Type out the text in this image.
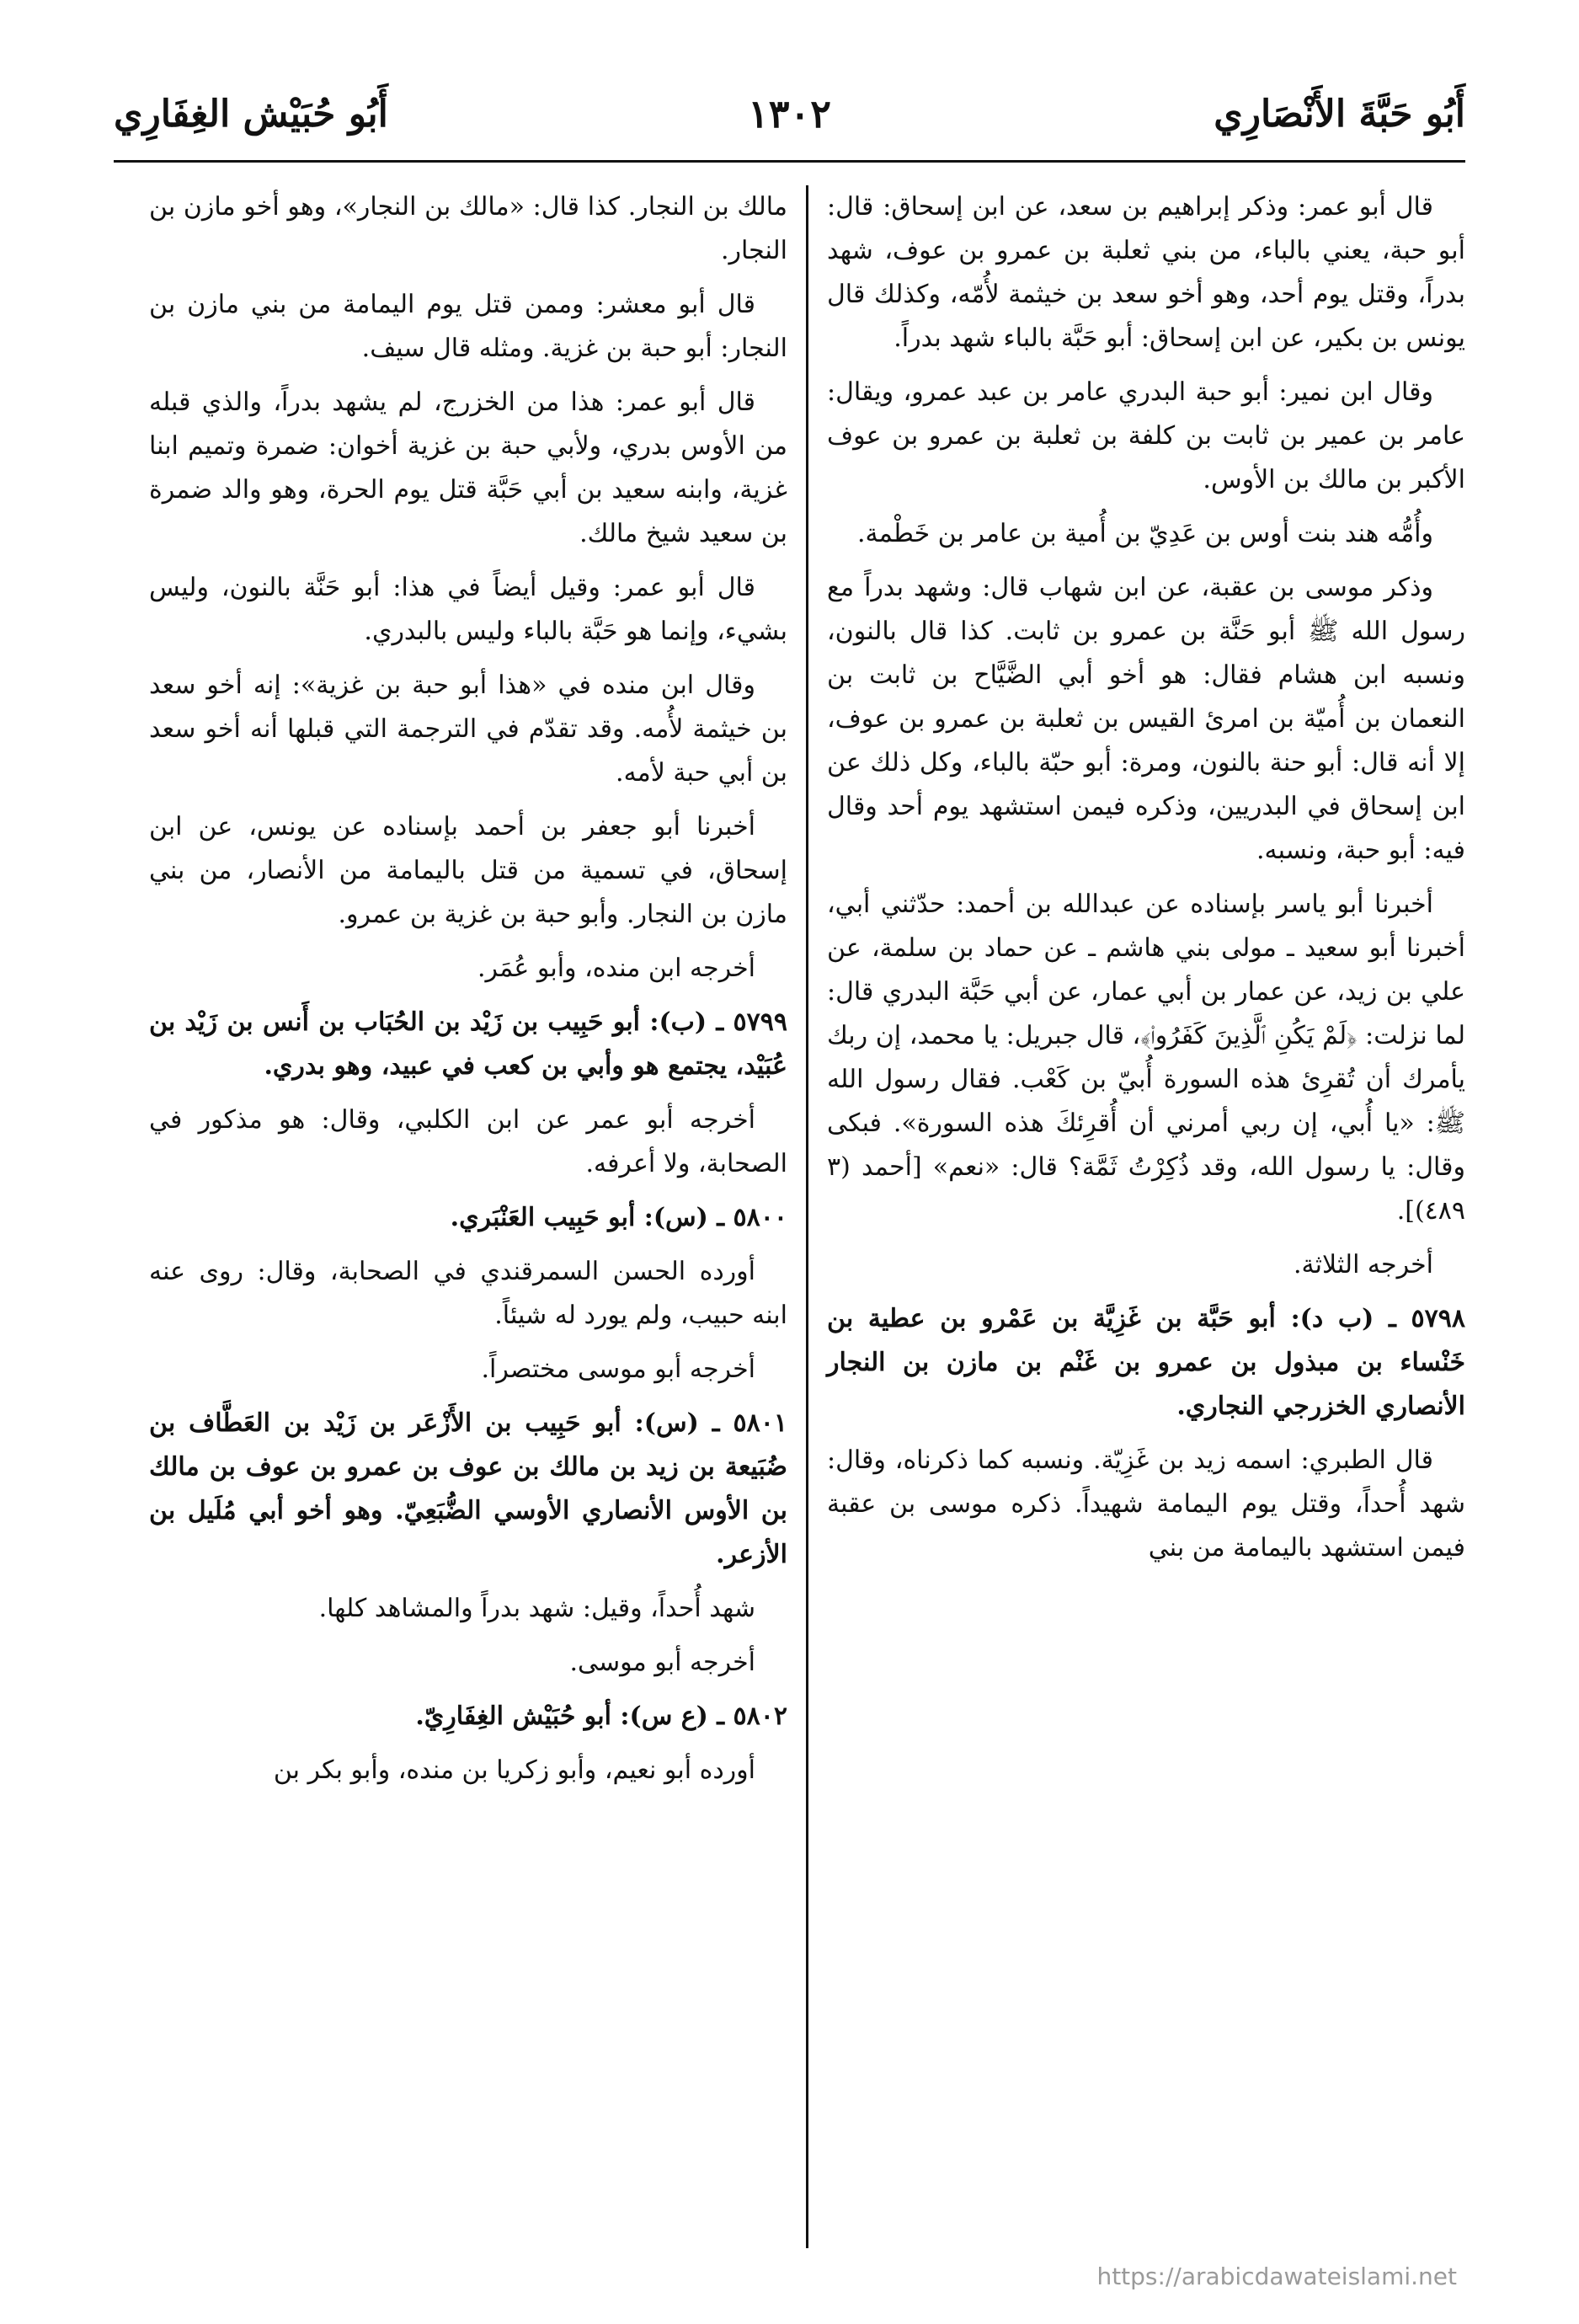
أَبُو حَبَّةَ الأَنْصَارِي
١٣٠٢
أَبُو حُبَيْش الغِفَارِي

قال أبو عمر: وذكر إبراهيم بن سعد، عن ابن إسحاق: قال: أبو حبة، يعني بالباء، من بني ثعلبة بن عمرو بن عوف، شهد بدراً، وقتل يوم أحد، وهو أخو سعد بن خيثمة لأُمّه، وكذلك قال يونس بن بكير، عن ابن إسحاق: أبو حَبَّة بالباء شهد بدراً.

وقال ابن نمير: أبو حبة البدري عامر بن عبد عمرو، ويقال: عامر بن عمير بن ثابت بن كلفة بن ثعلبة بن عمرو بن عوف الأكبر بن مالك بن الأوس.

وأُمُّه هند بنت أوس بن عَدِيّ بن أُمية بن عامر بن خَطْمة.

وذكر موسى بن عقبة، عن ابن شهاب قال: وشهد بدراً مع رسول الله ﷺ أبو حَنَّة بن عمرو بن ثابت. كذا قال بالنون، ونسبه ابن هشام فقال: هو أخو أبي الضَّيَّاح بن ثابت بن النعمان بن أُميّة بن امرئ القيس بن ثعلبة بن عمرو بن عوف، إلا أنه قال: أبو حنة بالنون، ومرة: أبو حبّة بالباء، وكل ذلك عن ابن إسحاق في البدريين، وذكره فيمن استشهد يوم أحد وقال فيه: أبو حبة، ونسبه.

أخبرنا أبو ياسر بإسناده عن عبدالله بن أحمد: حدّثني أبي، أخبرنا أبو سعيد ـ مولى بني هاشم ـ عن حماد بن سلمة، عن علي بن زيد، عن عمار بن أبي عمار، عن أبي حَبَّة البدري قال: لما نزلت: ﴿لَمْ يَكُنِ ٱلَّذِينَ كَفَرُوا۟﴾، قال جبريل: يا محمد، إن ربك يأمرك أن تُقرِئ هذه السورة أُبيّ بن كَعْب. فقال رسول الله ﷺ: «يا أُبي، إن ربي أمرني أن أُقرِئكَ هذه السورة». فبكى وقال: يا رسول الله، وقد ذُكِرْتُ ثَمَّة؟ قال: «نعم» [أحمد (٣ ٤٨٩)].

أخرجه الثلاثة.

٥٧٩٨ ـ (ب د): أبو حَبَّة بن غَزِيَّة بن عَمْرو بن عطية بن خَنْساء بن مبذول بن عمرو بن غَنْم بن مازن بن النجار الأنصاري الخزرجي النجاري.

قال الطبري: اسمه زيد بن غَزِيّة. ونسبه كما ذكرناه، وقال: شهد أُحداً، وقتل يوم اليمامة شهيداً. ذكره موسى بن عقبة فيمن استشهد باليمامة من بني

مالك بن النجار. كذا قال: «مالك بن النجار»، وهو أخو مازن بن النجار.

قال أبو معشر: وممن قتل يوم اليمامة من بني مازن بن النجار: أبو حبة بن غزية. ومثله قال سيف.

قال أبو عمر: هذا من الخزرج، لم يشهد بدراً، والذي قبله من الأوس بدري، ولأبي حبة بن غزية أخوان: ضمرة وتميم ابنا غزية، وابنه سعيد بن أبي حَبَّة قتل يوم الحرة، وهو والد ضمرة بن سعيد شيخ مالك.

قال أبو عمر: وقيل أيضاً في هذا: أبو حَنَّة بالنون، وليس بشيء، وإنما هو حَبَّة بالباء وليس بالبدري.

وقال ابن منده في «هذا أبو حبة بن غزية»: إنه أخو سعد بن خيثمة لأُمه. وقد تقدّم في الترجمة التي قبلها أنه أخو سعد بن أبي حبة لأمه.

أخبرنا أبو جعفر بن أحمد بإسناده عن يونس، عن ابن إسحاق، في تسمية من قتل باليمامة من الأنصار، من بني مازن بن النجار. وأبو حبة بن غزية بن عمرو.

أخرجه ابن منده، وأبو عُمَر.

٥٧٩٩ ـ (ب): أبو حَبِيب بن زَيْد بن الحُبَاب بن أَنس بن زَيْد بن عُبَيْد، يجتمع هو وأبي بن كعب في عبيد، وهو بدري.

أخرجه أبو عمر عن ابن الكلبي، وقال: هو مذكور في الصحابة، ولا أعرفه.

٥٨٠٠ ـ (س): أبو حَبِيب العَنْبَري.

أورده الحسن السمرقندي في الصحابة، وقال: روى عنه ابنه حبيب، ولم يورد له شيئاً.

أخرجه أبو موسى مختصراً.

٥٨٠١ ـ (س): أبو حَبِيب بن الأَزْعَر بن زَيْد بن العَطَّاف بن ضُبَيعة بن زيد بن مالك بن عوف بن عمرو بن عوف بن مالك بن الأوس الأنصاري الأوسي الضُّبَعِيّ. وهو أخو أبي مُلَيل بن الأزعر.

شهد أُحداً، وقيل: شهد بدراً والمشاهد كلها.

أخرجه أبو موسى.

٥٨٠٢ ـ (ع س): أبو حُبَيْش الغِفَارِيّ.

أورده أبو نعيم، وأبو زكريا بن منده، وأبو بكر بن

https://arabicdawateislami.net
